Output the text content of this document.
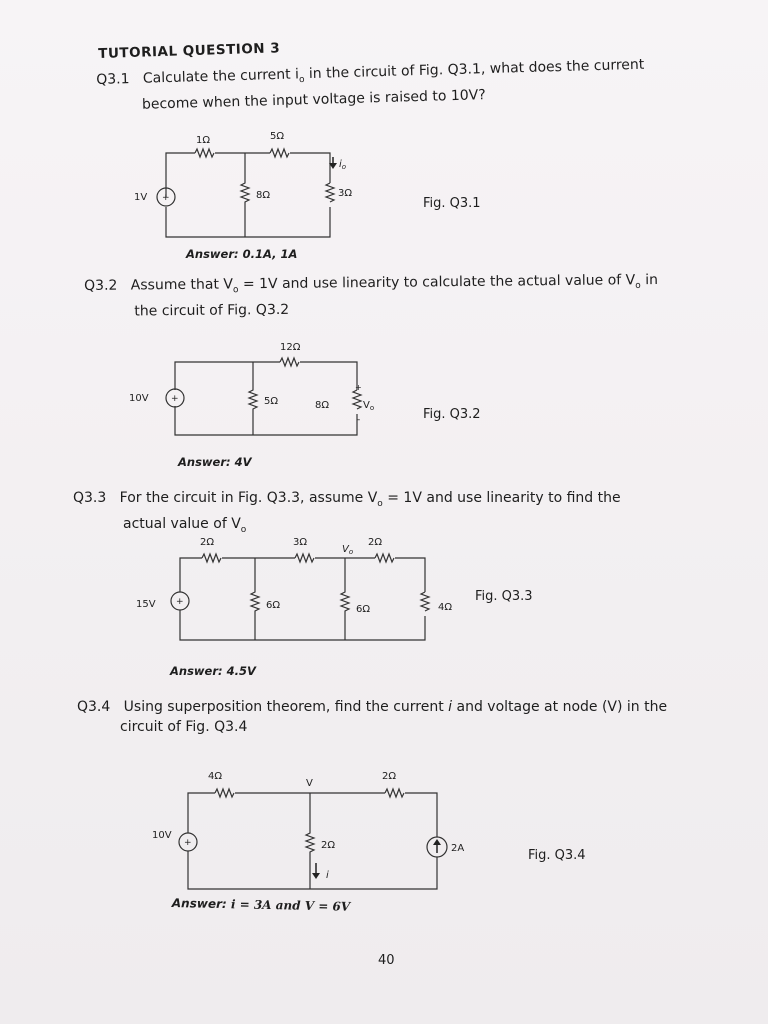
TUTORIAL QUESTION 3
Q3.1 Calculate the current $i_o$ in the circuit of Fig. Q3.1, what does the current
become when the input voltage is raised to 10V?
+
1Ω	5Ω
8Ω	3Ω
1V
$i_o$
Fig. Q3.1
Answer: 0.1A, 1A
Q3.2 Assume that $V_o = 1V$ and use linearity to calculate the actual value of $V_o$ in
the circuit of Fig. Q3.2
+
12Ω
5Ω	8Ω
10V
+
-
$V_o$	Fig. Q3.2
Answer: 4V
Q3.3 For the circuit in Fig. Q3.3, assume $V_o = 1V$ and use linearity to find the
actual value of $V_o$
+
2Ω	3Ω	2Ω
6Ω	6Ω	4Ω
15V
$V_o$
Fig. Q3.3
Answer: 4.5V
Q3.4 Using superposition theorem, find the current i and voltage at node (V) in the
circuit of Fig. Q3.4
+
4Ω	2Ω
2Ω
V
10V
2A
i
Fig. Q3.4
Answer: i = 3A and V = 6V
40
